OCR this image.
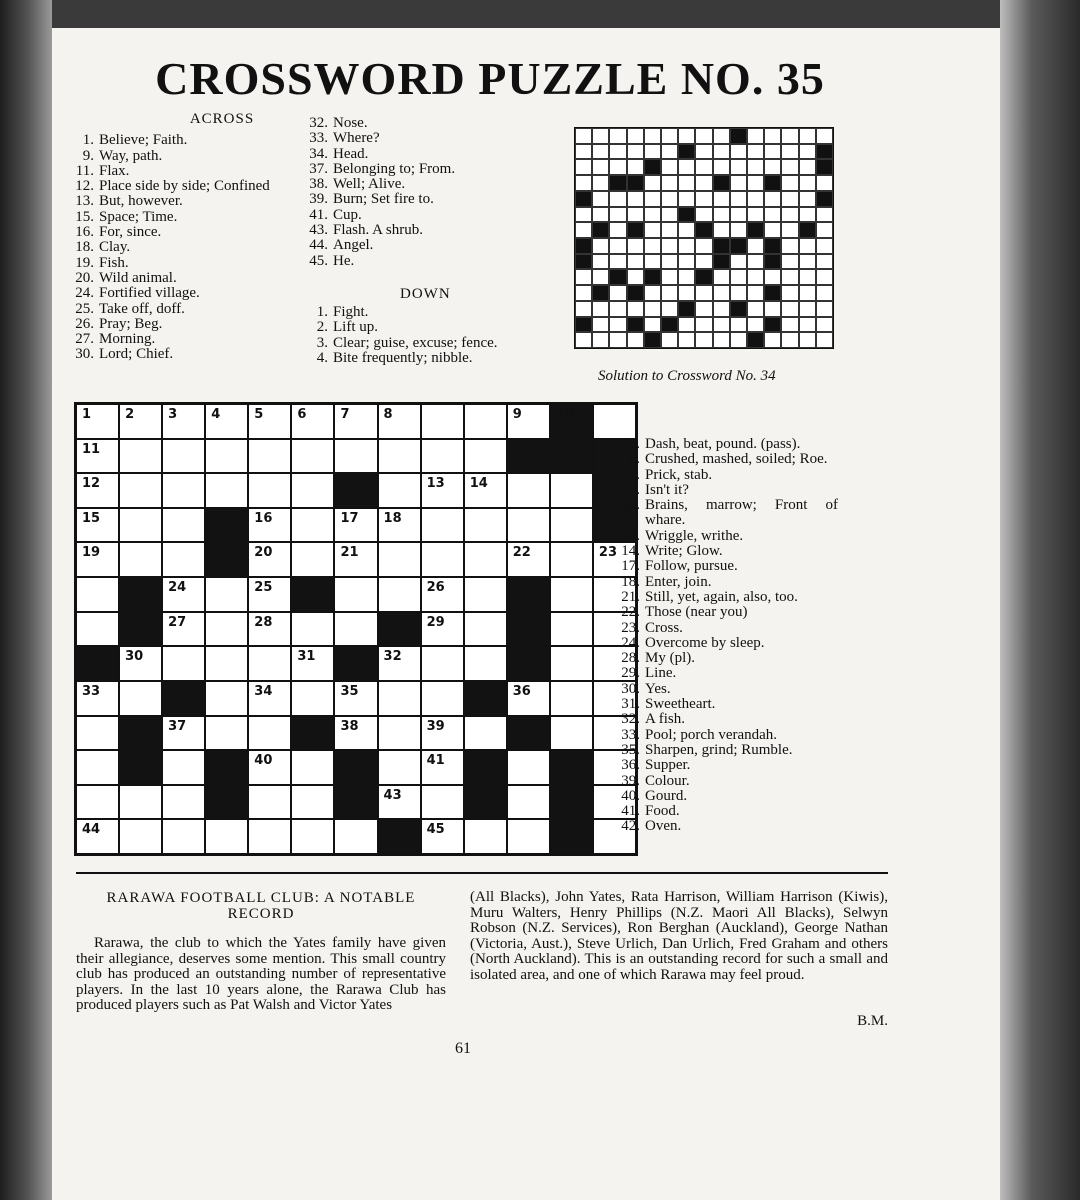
CROSSWORD PUZZLE NO. 35
ACROSS
1. Believe; Faith.
9. Way, path.
11. Flax.
12. Place side by side; Confined
13. But, however.
15. Space; Time.
16. For, since.
18. Clay.
19. Fish.
20. Wild animal.
24. Fortified village.
25. Take off, doff.
26. Pray; Beg.
27. Morning.
30. Lord; Chief.
32. Nose.
33. Where?
34. Head.
37. Belonging to; From.
38. Well; Alive.
39. Burn; Set fire to.
41. Cup.
43. Flash. A shrub.
44. Angel.
45. He.
DOWN
1. Fight.
2. Lift up.
3. Clear; guise, excuse; fence.
4. Bite frequently; nibble.
Solution to Crossword No. 34
1	2	3	4	5	6	7	8	9	10
11
12	13 14
15	16	17 18
19	20	21	22	23
24	25	26
27	28	29
30	31	32
33	34	35	36
37	38	39
40	41	42
43
44	45
5. Dash, beat, pound. (pass).
6. Crushed, mashed, soiled; Roe.
7. Prick, stab.
8. Isn't it?
10. Brains, marrow; Front of whare.
13. Wriggle, writhe.
14. Write; Glow.
17. Follow, pursue.
18. Enter, join.
21. Still, yet, again, also, too.
22. Those (near you)
23. Cross.
24. Overcome by sleep.
28. My (pl).
29. Line.
30. Yes.
31. Sweetheart.
32. A fish.
33. Pool; porch verandah.
35. Sharpen, grind; Rumble.
36. Supper.
39. Colour.
40. Gourd.
41. Food.
42. Oven.
RARAWA FOOTBALL CLUB: A NOTABLE RECORD
Rarawa, the club to which the Yates family have given their allegiance, deserves some mention. This small country club has produced an outstanding number of representative players. In the last 10 years alone, the Rarawa Club has produced players such as Pat Walsh and Victor Yates
(All Blacks), John Yates, Rata Harrison, William Harrison (Kiwis), Muru Walters, Henry Phillips (N.Z. Maori All Blacks), Selwyn Robson (N.Z. Services), Ron Berghan (Auckland), George Nathan (Victoria, Aust.), Steve Urlich, Dan Urlich, Fred Graham and others (North Auckland). This is an outstanding record for such a small and isolated area, and one of which Rarawa may feel proud.
B.M.
61
